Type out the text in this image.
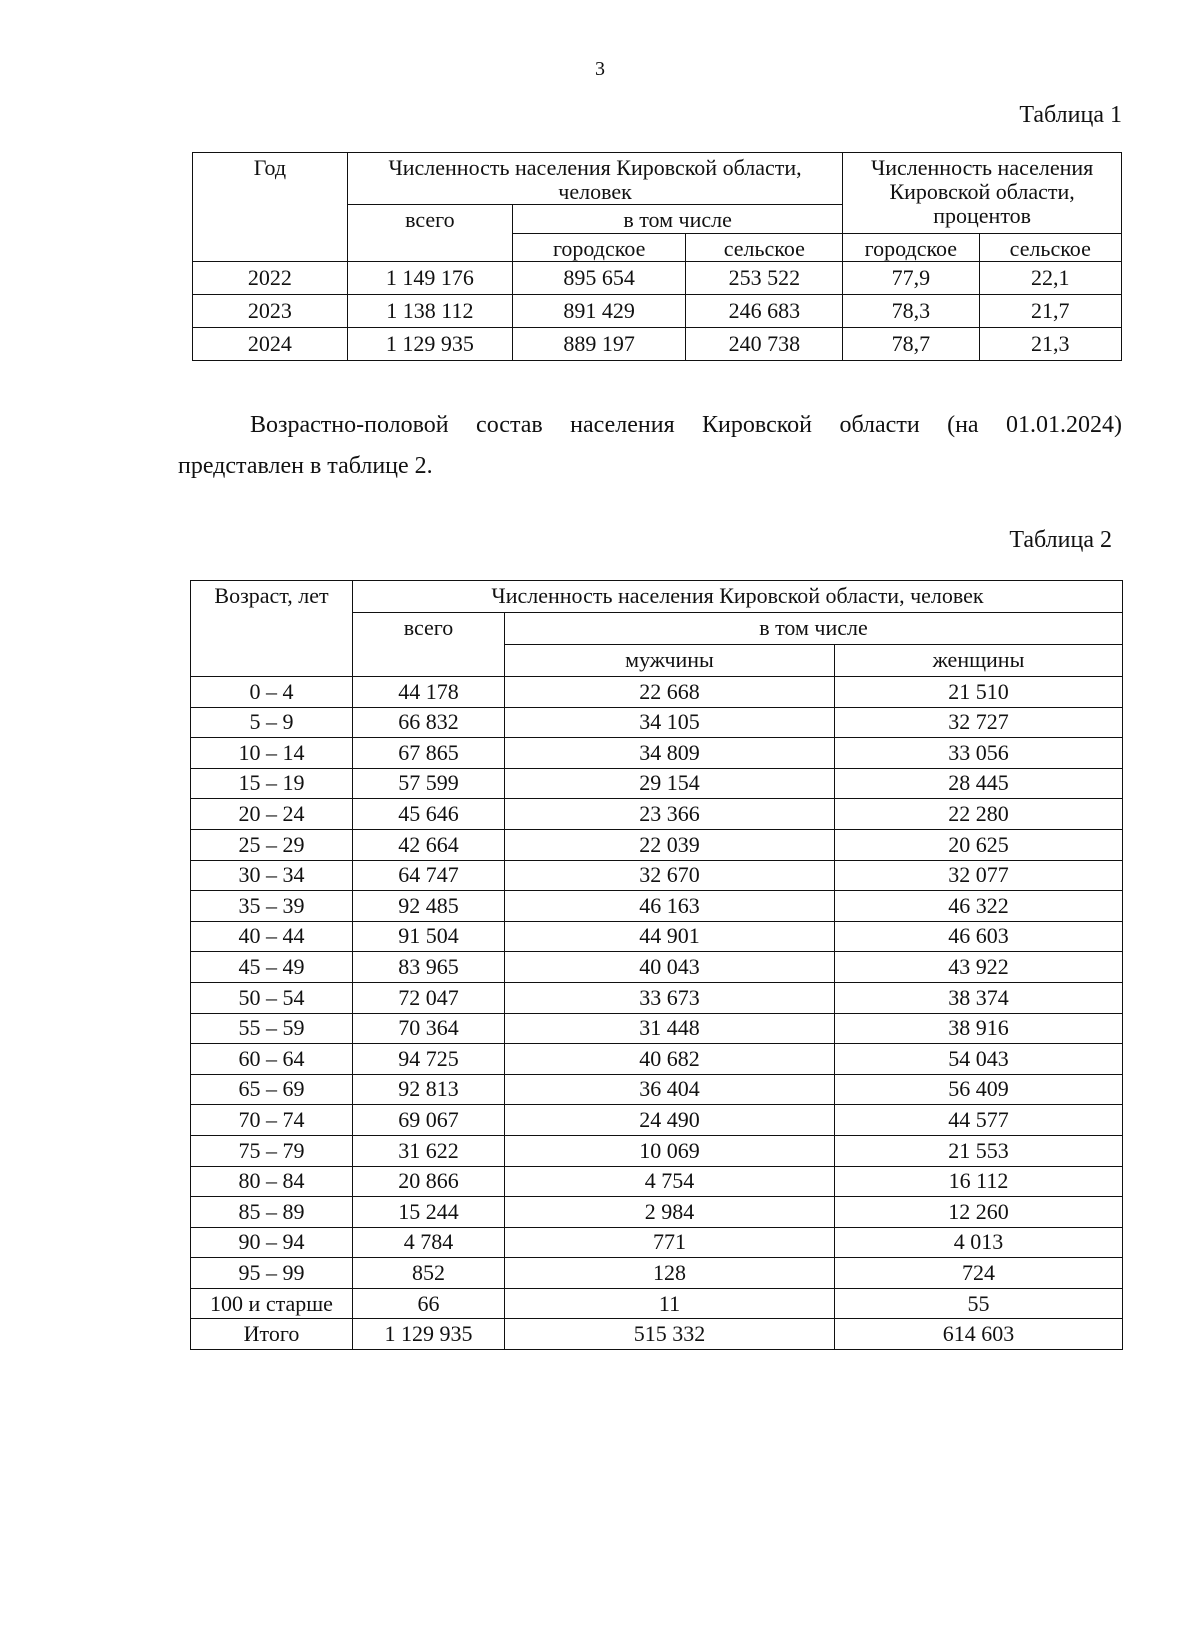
3
Таблица 1
Год	Численность населения Кировской области, человек			Численность населения Кировской области, процентов	
	всего	в том числе			
		городское	сельское	городское	сельское
2022	1 149 176	895 654	253 522	77,9	22,1
2023	1 138 112	891 429	246 683	78,3	21,7
2024	1 129 935	889 197	240 738	78,7	21,3
Возрастно-половой состав населения Кировской области (на 01.01.2024)
представлен в таблице 2.
Таблица 2
Возраст, лет	Численность населения Кировской области, человек		
	всего	в том числе	
		мужчины	женщины
0 – 4	44 178	22 668	21 510
5 – 9	66 832	34 105	32 727
10 – 14	67 865	34 809	33 056
15 – 19	57 599	29 154	28 445
20 – 24	45 646	23 366	22 280
25 – 29	42 664	22 039	20 625
30 – 34	64 747	32 670	32 077
35 – 39	92 485	46 163	46 322
40 – 44	91 504	44 901	46 603
45 – 49	83 965	40 043	43 922
50 – 54	72 047	33 673	38 374
55 – 59	70 364	31 448	38 916
60 – 64	94 725	40 682	54 043
65 – 69	92 813	36 404	56 409
70 – 74	69 067	24 490	44 577
75 – 79	31 622	10 069	21 553
80 – 84	20 866	4 754	16 112
85 – 89	15 244	2 984	12 260
90 – 94	4 784	771	4 013
95 – 99	852	128	724
100 и старше	66	11	55
Итого	1 129 935	515 332	614 603
